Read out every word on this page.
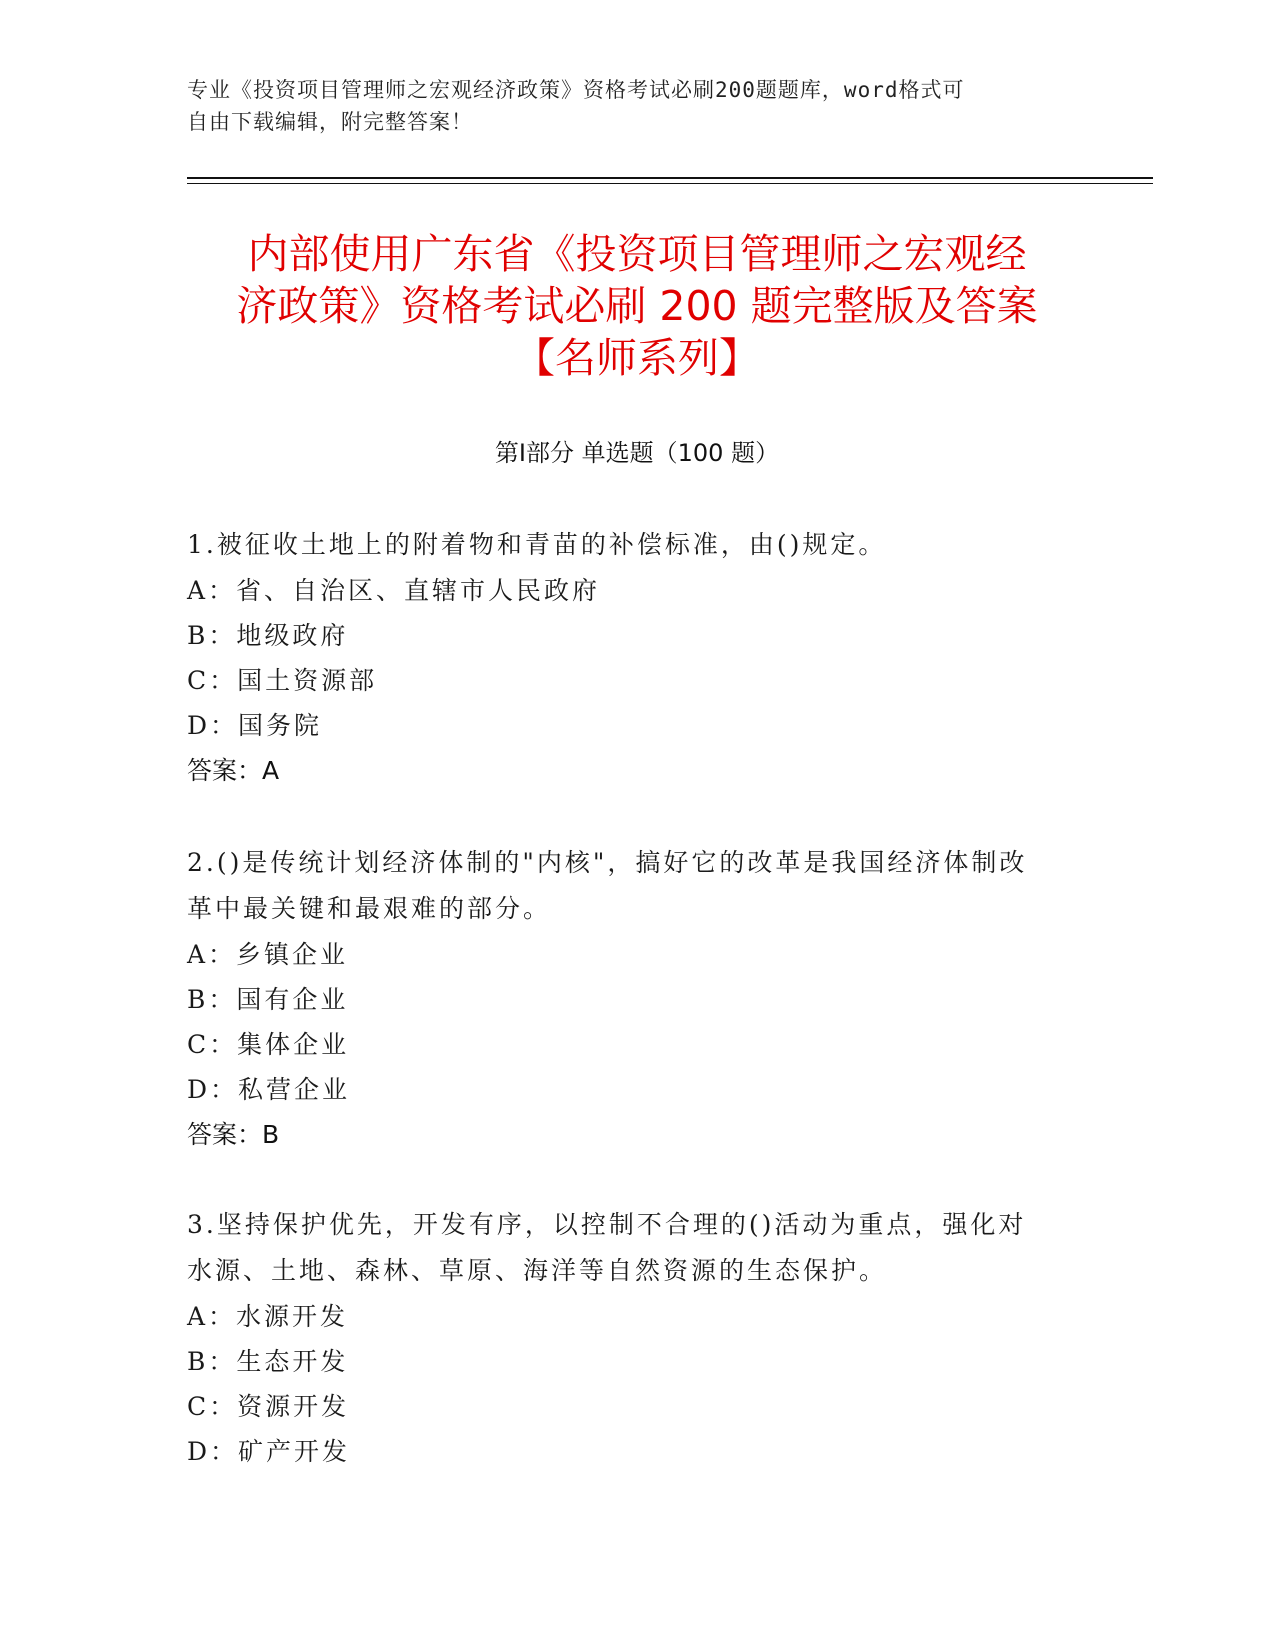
专业《投资项目管理师之宏观经济政策》资格考试必刷200题题库，word格式可
自由下载编辑，附完整答案！
内部使用广东省《投资项目管理师之宏观经
济政策》资格考试必刷 200 题完整版及答案
【名师系列】
第Ⅰ部分 单选题（100 题）
1.被征收土地上的附着物和青苗的补偿标准，由()规定。
A：省、自治区、直辖市人民政府
B：地级政府
C：国土资源部
D：国务院
答案：A
2.()是传统计划经济体制的"内核"，搞好它的改革是我国经济体制改
革中最关键和最艰难的部分。
A：乡镇企业
B：国有企业
C：集体企业
D：私营企业
答案：B
3.坚持保护优先，开发有序，以控制不合理的()活动为重点，强化对
水源、土地、森林、草原、海洋等自然资源的生态保护。
A：水源开发
B：生态开发
C：资源开发
D：矿产开发
